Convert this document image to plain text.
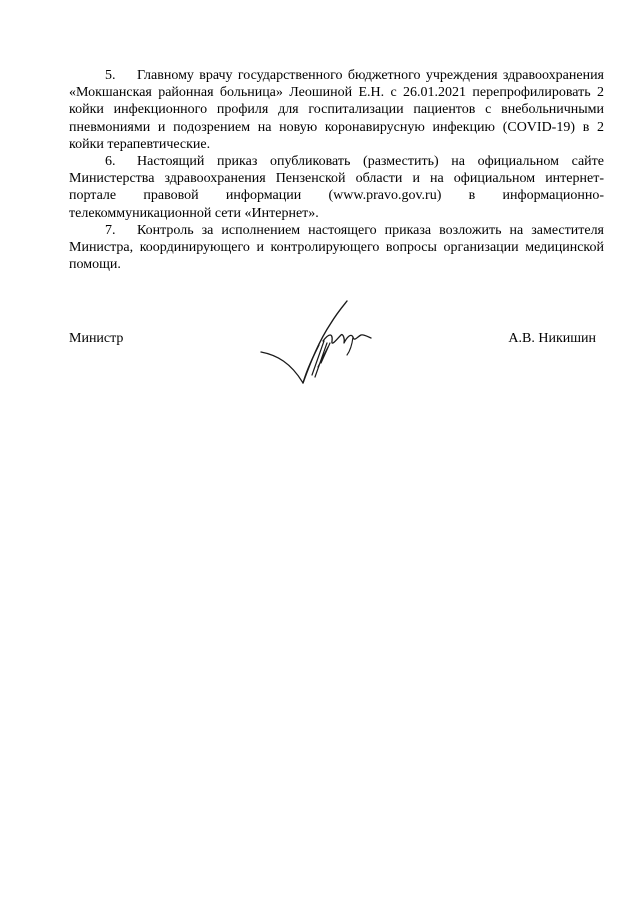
5. Главному врачу государственного бюджетного учреждения здравоохранения «Мокшанская районная больница» Леошиной Е.Н. с 26.01.2021 перепрофилировать 2 койки инфекционного профиля для госпитализации пациентов с внебольничными пневмониями и подозрением на новую коронавирусную инфекцию (COVID-19) в 2 койки терапевтические.

6. Настоящий приказ опубликовать (разместить) на официальном сайте Министерства здравоохранения Пензенской области и на официальном интернет-портале правовой информации (www.pravo.gov.ru) в информационно-телекоммуникационной сети «Интернет».

7. Контроль за исполнением настоящего приказа возложить на заместителя Министра, координирующего и контролирующего вопросы организации медицинской помощи.

Министр	А.В. Никишин
